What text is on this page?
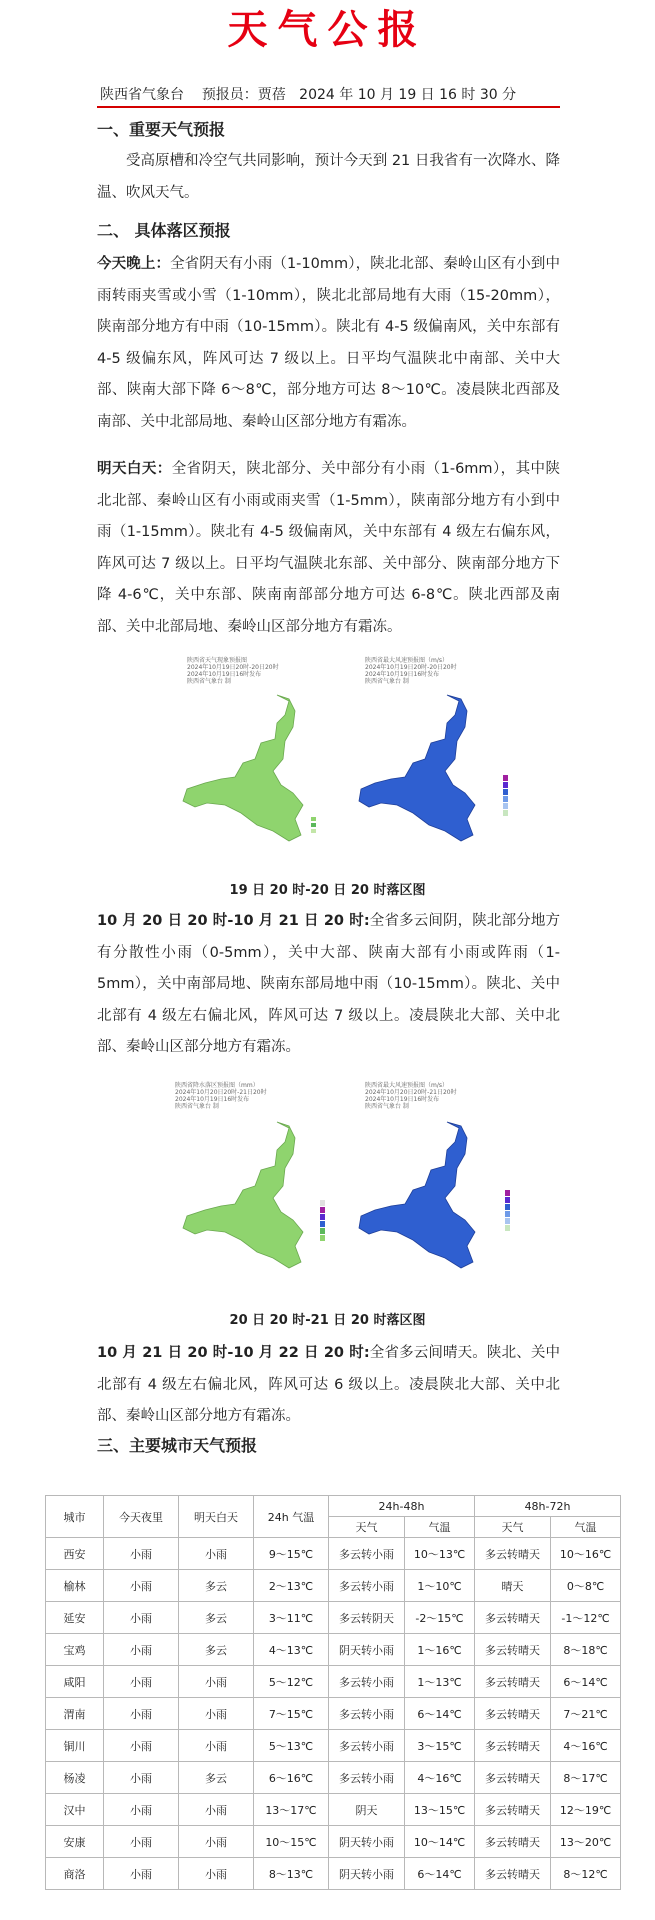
天气公报
陕西省气象台 预报员：贾蓓 2024 年 10 月 19 日 16 时 30 分
一、重要天气预报
受高原槽和冷空气共同影响，预计今天到 21 日我省有一次降水、降温、吹风天气。
二、 具体落区预报
今天晚上：全省阴天有小雨（1-10mm），陕北北部、秦岭山区有小到中雨转雨夹雪或小雪（1-10mm），陕北北部局地有大雨（15-20mm），陕南部分地方有中雨（10-15mm）。陕北有 4-5 级偏南风，关中东部有 4-5 级偏东风，阵风可达 7 级以上。日平均气温陕北中南部、关中大部、陕南大部下降 6～8℃，部分地方可达 8～10℃。凌晨陕北西部及南部、关中北部局地、秦岭山区部分地方有霜冻。
明天白天：全省阴天，陕北部分、关中部分有小雨（1-6mm），其中陕北北部、秦岭山区有小雨或雨夹雪（1-5mm），陕南部分地方有小到中雨（1-15mm）。陕北有 4-5 级偏南风，关中东部有 4 级左右偏东风，阵风可达 7 级以上。日平均气温陕北东部、关中部分、陕南部分地方下降 4-6℃，关中东部、陕南南部部分地方可达 6-8℃。陕北西部及南部、关中北部局地、秦岭山区部分地方有霜冻。
陕西省天气现象预报图
2024年10月19日20时-20日20时
2024年10月19日16时发布
陕西省气象台 制
陕西省最大风速预报图（m/s）
2024年10月19日20时-20日20时
2024年10月19日16时发布
陕西省气象台 制
19 日 20 时-20 日 20 时落区图
10 月 20 日 20 时-10 月 21 日 20 时:全省多云间阴，陕北部分地方有分散性小雨（0-5mm），关中大部、陕南大部有小雨或阵雨（1-5mm），关中南部局地、陕南东部局地中雨（10-15mm）。陕北、关中北部有 4 级左右偏北风，阵风可达 7 级以上。凌晨陕北大部、关中北部、秦岭山区部分地方有霜冻。
陕西省降水落区预报图（mm）
2024年10月20日20时-21日20时
2024年10月19日16时发布
陕西省气象台 制
陕西省最大风速预报图（m/s）
2024年10月20日20时-21日20时
2024年10月19日16时发布
陕西省气象台 制
20 日 20 时-21 日 20 时落区图
10 月 21 日 20 时-10 月 22 日 20 时:全省多云间晴天。陕北、关中北部有 4 级左右偏北风，阵风可达 6 级以上。凌晨陕北大部、关中北部、秦岭山区部分地方有霜冻。
三、主要城市天气预报
城市	今天夜里	明天白天	24h 气温	24h-48h		48h-72h	
				天气	气温	天气	气温
西安	小雨	小雨	9～15℃	多云转小雨	10～13℃	多云转晴天	10～16℃
榆林	小雨	多云	2～13℃	多云转小雨	1～10℃	晴天	0～8℃
延安	小雨	多云	3～11℃	多云转阴天	-2～15℃	多云转晴天	-1～12℃
宝鸡	小雨	多云	4～13℃	阴天转小雨	1～16℃	多云转晴天	8～18℃
咸阳	小雨	小雨	5～12℃	多云转小雨	1～13℃	多云转晴天	6～14℃
渭南	小雨	小雨	7～15℃	多云转小雨	6～14℃	多云转晴天	7～21℃
铜川	小雨	小雨	5～13℃	多云转小雨	3～15℃	多云转晴天	4～16℃
杨凌	小雨	多云	6～16℃	多云转小雨	4～16℃	多云转晴天	8～17℃
汉中	小雨	小雨	13～17℃	阴天	13～15℃	多云转晴天	12～19℃
安康	小雨	小雨	10～15℃	阴天转小雨	10～14℃	多云转晴天	13～20℃
商洛	小雨	小雨	8～13℃	阴天转小雨	6～14℃	多云转晴天	8～12℃
